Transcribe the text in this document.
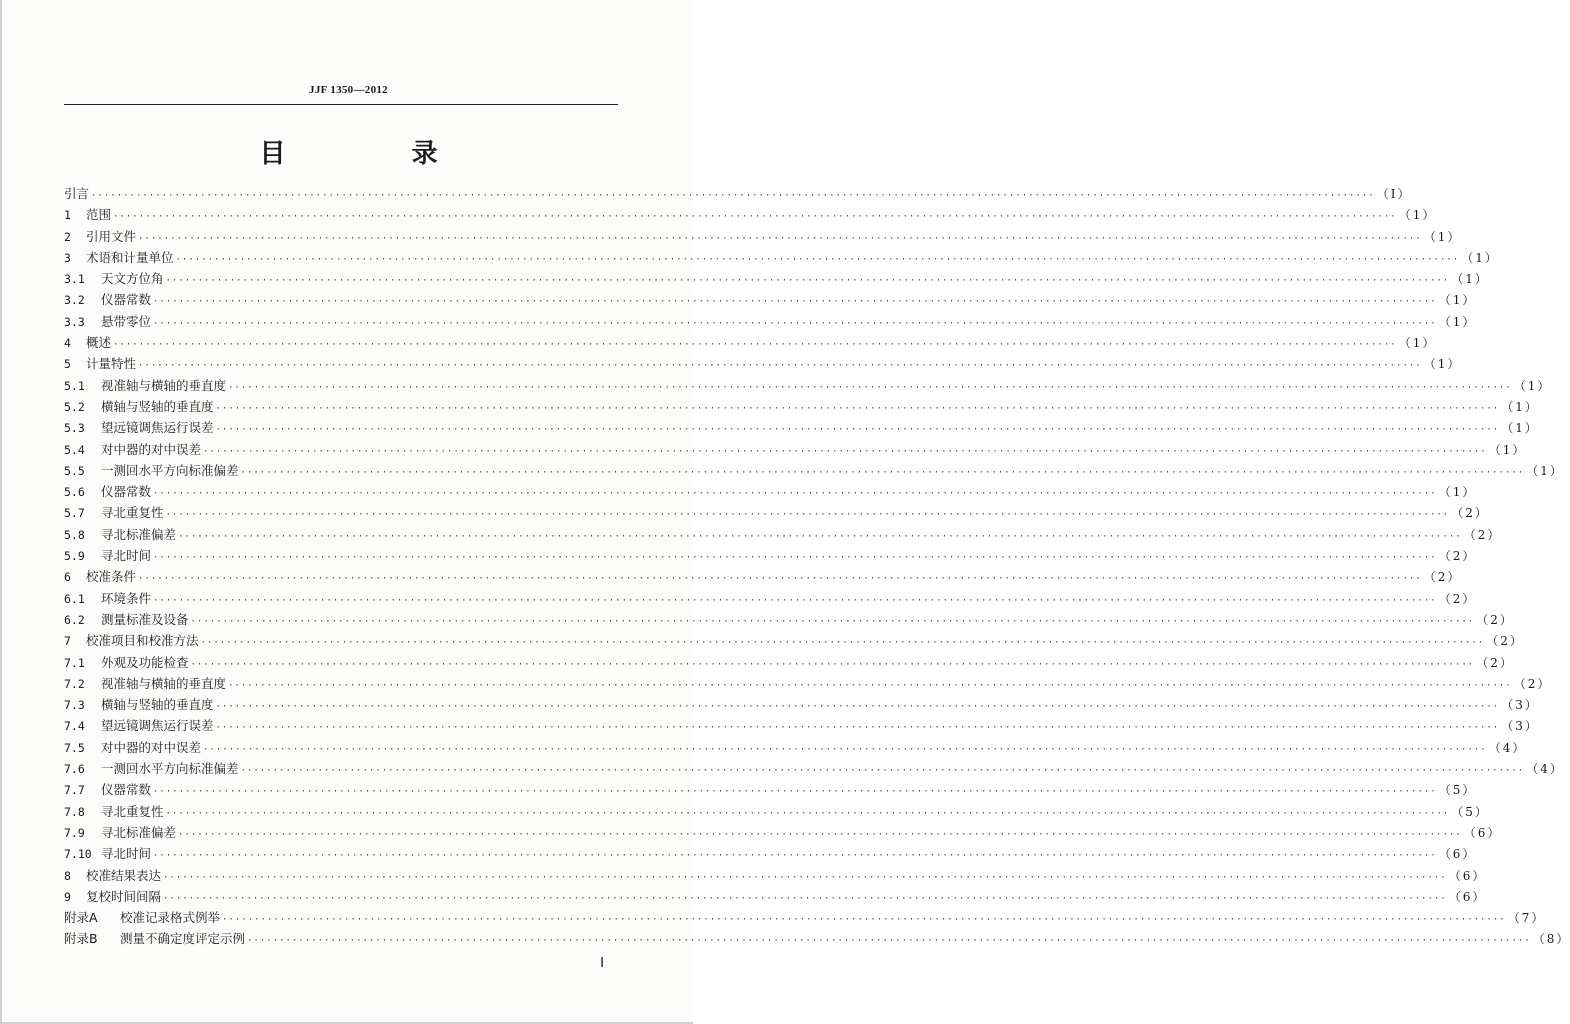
JJF 1350—2012
目　录
引言 ········································································································································································································ （Ⅰ）
1	范围 ········································································································································································································ （1）
2	引用文件 ········································································································································································································ （1）
3	术语和计量单位 ········································································································································································································ （1）
3.1	天文方位角 ········································································································································································································ （1）
3.2	仪器常数 ········································································································································································································ （1）
3.3	悬带零位 ········································································································································································································ （1）
4	概述 ········································································································································································································ （1）
5	计量特性 ········································································································································································································ （1）
5.1	视准轴与横轴的垂直度 ········································································································································································································ （1）
5.2	横轴与竖轴的垂直度 ········································································································································································································ （1）
5.3	望远镜调焦运行误差 ········································································································································································································ （1）
5.4	对中器的对中误差 ········································································································································································································ （1）
5.5	一测回水平方向标准偏差 ········································································································································································································ （1）
5.6	仪器常数 ········································································································································································································ （1）
5.7	寻北重复性 ········································································································································································································ （2）
5.8	寻北标准偏差 ········································································································································································································ （2）
5.9	寻北时间 ········································································································································································································ （2）
6	校准条件 ········································································································································································································ （2）
6.1	环境条件 ········································································································································································································ （2）
6.2	测量标准及设备 ········································································································································································································ （2）
7	校准项目和校准方法 ········································································································································································································ （2）
7.1	外观及功能检查 ········································································································································································································ （2）
7.2	视准轴与横轴的垂直度 ········································································································································································································ （2）
7.3	横轴与竖轴的垂直度 ········································································································································································································ （3）
7.4	望远镜调焦运行误差 ········································································································································································································ （3）
7.5	对中器的对中误差 ········································································································································································································ （4）
7.6	一测回水平方向标准偏差 ········································································································································································································ （4）
7.7	仪器常数 ········································································································································································································ （5）
7.8	寻北重复性 ········································································································································································································ （5）
7.9	寻北标准偏差 ········································································································································································································ （6）
7.10 寻北时间 ········································································································································································································ （6）
8	校准结果表达 ········································································································································································································ （6）
9	复校时间间隔 ········································································································································································································ （6）
附录A	校准记录格式例举 ········································································································································································································ （7）
附录B	测量不确定度评定示例 ········································································································································································································ （8）
Ⅰ
